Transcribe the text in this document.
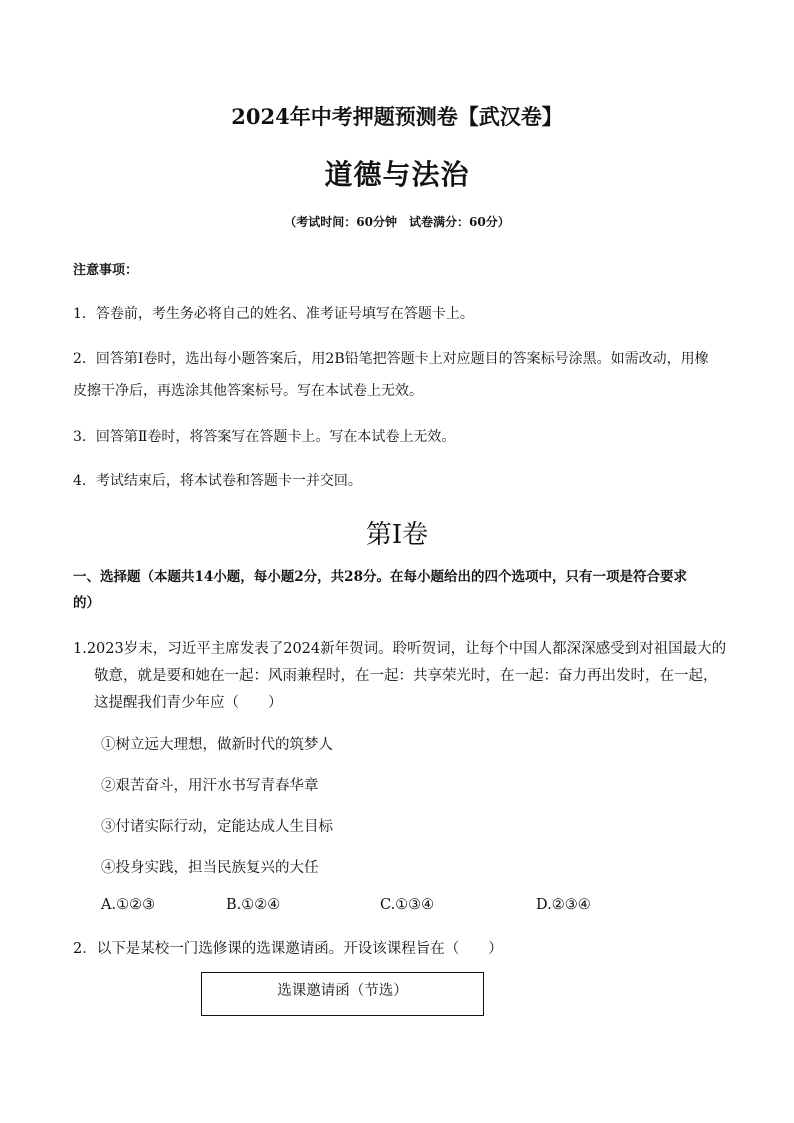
2024年中考押题预测卷【武汉卷】
道德与法治
（考试时间：60分钟　试卷满分：60分）
注意事项：
1．答卷前，考生务必将自己的姓名、准考证号填写在答题卡上。
2．回答第Ⅰ卷时，选出每小题答案后，用2B铅笔把答题卡上对应题目的答案标号涂黑。如需改动，用橡
皮擦干净后，再选涂其他答案标号。写在本试卷上无效。
3．回答第Ⅱ卷时，将答案写在答题卡上。写在本试卷上无效。
4．考试结束后，将本试卷和答题卡一并交回。
第Ⅰ卷
一、选择题（本题共14小题，每小题2分，共28分。在每小题给出的四个选项中，只有一项是符合要求
的）
1.2023岁末，习近平主席发表了2024新年贺词。聆听贺词，让每个中国人都深深感受到对祖国最大的
敬意，就是要和她在一起：风雨兼程时，在一起：共享荣光时，在一起：奋力再出发时，在一起，
这提醒我们青少年应（　　）
①树立远大理想，做新时代的筑梦人
②艰苦奋斗，用汗水书写青春华章
③付诸实际行动，定能达成人生目标
④投身实践，担当民族复兴的大任
A.①②③	B.①②④	C.①③④	D.②③④
2．以下是某校一门选修课的选课邀请函。开设该课程旨在（　　）
选课邀请函（节选）
